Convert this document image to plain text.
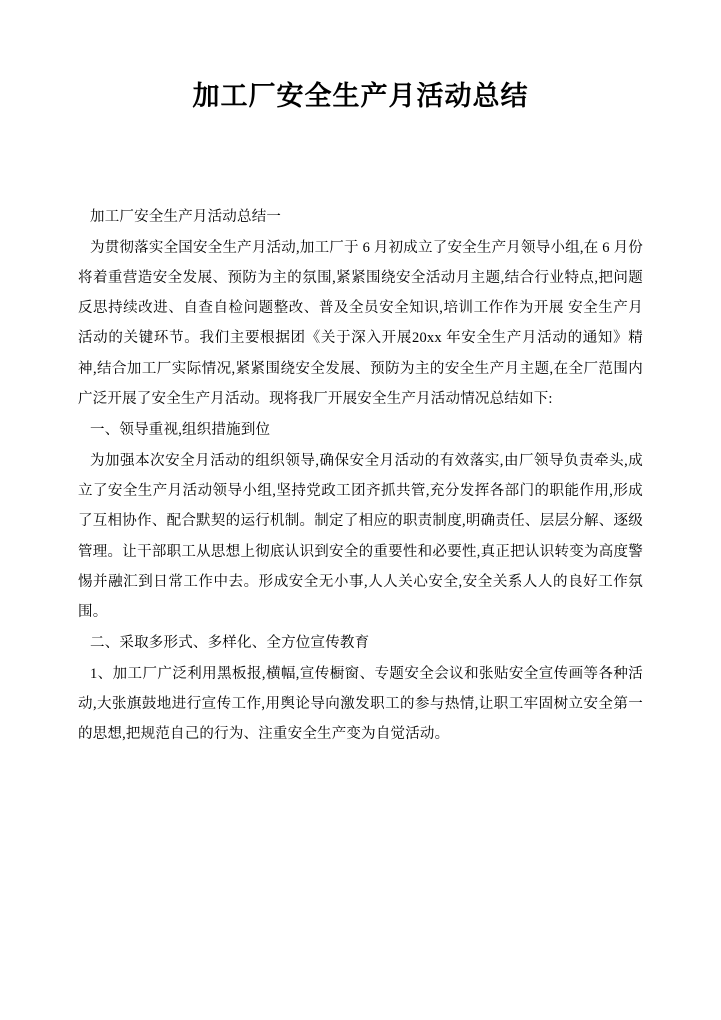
加工厂安全生产月活动总结

加工厂安全生产月活动总结一

为贯彻落实全国安全生产月活动,加工厂于 6 月初成立了安全生产月领导小组,在 6 月份将着重营造安全发展、预防为主的氛围,紧紧围绕安全活动月主题,结合行业特点,把问题反思持续改进、自查自检问题整改、普及全员安全知识,培训工作作为开展 安全生产月活动的关键环节。我们主要根据团《关于深入开展20xx 年安全生产月活动的通知》精神,结合加工厂实际情况,紧紧围绕安全发展、预防为主的安全生产月主题,在全厂范围内广泛开展了安全生产月活动。现将我厂开展安全生产月活动情况总结如下:

一、领导重视,组织措施到位

为加强本次安全月活动的组织领导,确保安全月活动的有效落实,由厂领导负责牵头,成立了安全生产月活动领导小组,坚持党政工团齐抓共管,充分发挥各部门的职能作用,形成了互相协作、配合默契的运行机制。制定了相应的职责制度,明确责任、层层分解、逐级管理。让干部职工从思想上彻底认识到安全的重要性和必要性,真正把认识转变为高度警惕并融汇到日常工作中去。形成安全无小事,人人关心安全,安全关系人人的良好工作氛围。

二、采取多形式、多样化、全方位宣传教育

1、加工厂广泛利用黑板报,横幅,宣传橱窗、专题安全会议和张贴安全宣传画等各种活动,大张旗鼓地进行宣传工作,用舆论导向激发职工的参与热情,让职工牢固树立安全第一的思想,把规范自己的行为、注重安全生产变为自觉活动。
